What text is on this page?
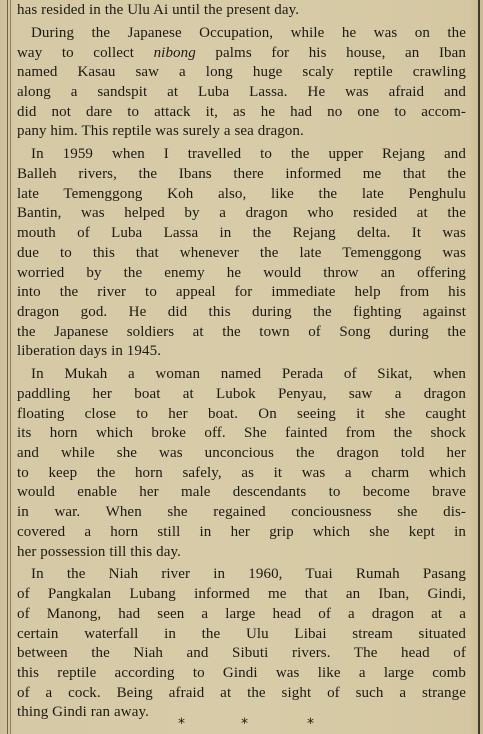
has resided in the Ulu Ai until the present day.
During the Japanese Occupation, while he was on the
way to collect nibong palms for his house, an Iban
named Kasau saw a long huge scaly reptile crawling
along a sandspit at Luba Lassa. He was afraid and
did not dare to attack it, as he had no one to accom-
pany him. This reptile was surely a sea dragon.
In 1959 when I travelled to the upper Rejang and
Balleh rivers, the Ibans there informed me that the
late Temenggong Koh also, like the late Penghulu
Bantin, was helped by a dragon who resided at the
mouth of Luba Lassa in the Rejang delta. It was
due to this that whenever the late Temenggong was
worried by the enemy he would throw an offering
into the river to appeal for immediate help from his
dragon god. He did this during the fighting against
the Japanese soldiers at the town of Song during the
liberation days in 1945.
In Mukah a woman named Perada of Sikat, when
paddling her boat at Lubok Penyau, saw a dragon
floating close to her boat. On seeing it she caught
its horn which broke off. She fainted from the shock
and while she was unconcious the dragon told her
to keep the horn safely, as it was a charm which
would enable her male descendants to become brave
in war. When she regained conciousness she dis-
covered a horn still in her grip which she kept in
her possession till this day.
In the Niah river in 1960, Tuai Rumah Pasang
of Pangkalan Lubang informed me that an Iban, Gindi,
of Manong, had seen a large head of a dragon at a
certain waterfall in the Ulu Libai stream situated
between the Niah and Sibuti rivers. The head of
this reptile according to Gindi was like a large comb
of a cock. Being afraid at the sight of such a strange
thing Gindi ran away.
*	*	*
